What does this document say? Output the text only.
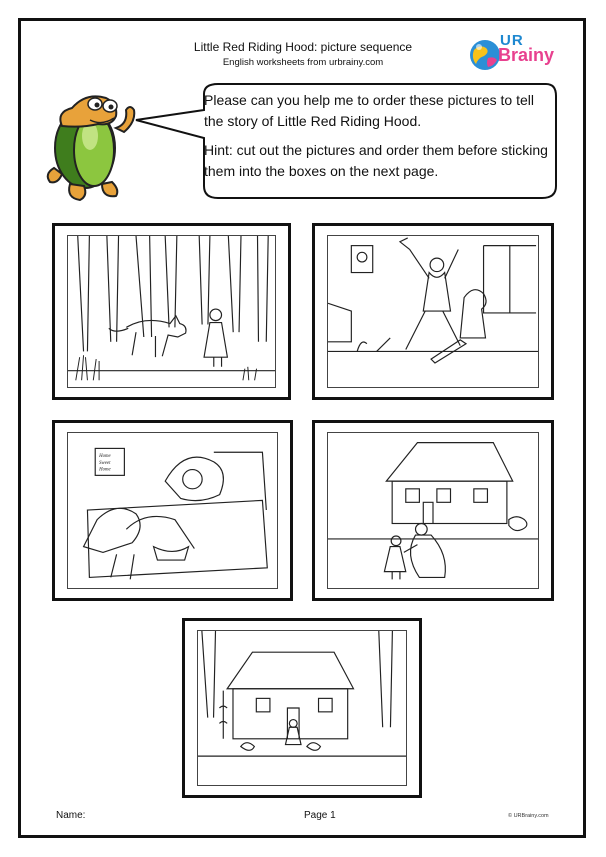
Little Red Riding Hood: picture sequence
English worksheets from urbrainy.com
UR
Brainy

Please can you help me to order these pictures to tell the story of Little Red Riding Hood.

Hint: cut out the pictures and order them before sticking them into the boxes on the next page.

Home
Sweet
Home
Name:	Page 1	© URBrainy.com
